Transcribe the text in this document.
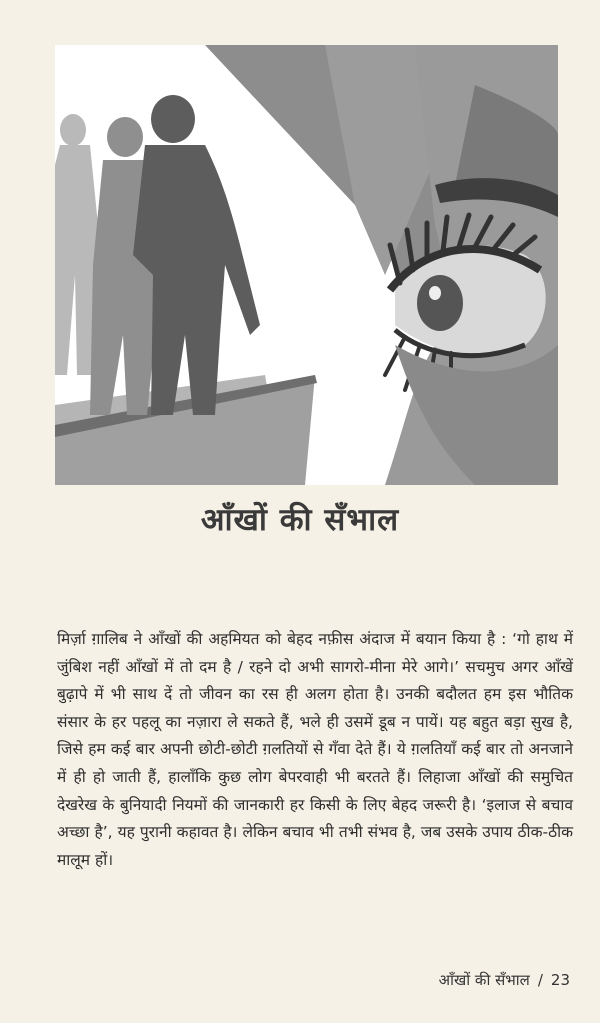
आँखों की सँभाल

मिर्ज़ा ग़ालिब ने आँखों की अहमियत को बेहद नफ़ीस अंदाज में बयान किया है : ‘गो हाथ में जुंबिश नहीं आँखों में तो दम है / रहने दो अभी सागरो-मीना मेरे आगे।’ सचमुच अगर आँखें बुढ़ापे में भी साथ दें तो जीवन का रस ही अलग होता है। उनकी बदौलत हम इस भौतिक संसार के हर पहलू का नज़ारा ले सकते हैं, भले ही उसमें डूब न पायें। यह बहुत बड़ा सुख है, जिसे हम कई बार अपनी छोटी-छोटी ग़लतियों से गँवा देते हैं। ये ग़लतियाँ कई बार तो अनजाने में ही हो जाती हैं, हालाँकि कुछ लोग बेपरवाही भी बरतते हैं। लिहाजा आँखों की समुचित देखरेख के बुनियादी नियमों की जानकारी हर किसी के लिए बेहद जरूरी है। ‘इलाज से बचाव अच्छा है’, यह पुरानी कहावत है। लेकिन बचाव भी तभी संभव है, जब उसके उपाय ठीक-ठीक मालूम हों।

आँखों की सँभाल / 23
